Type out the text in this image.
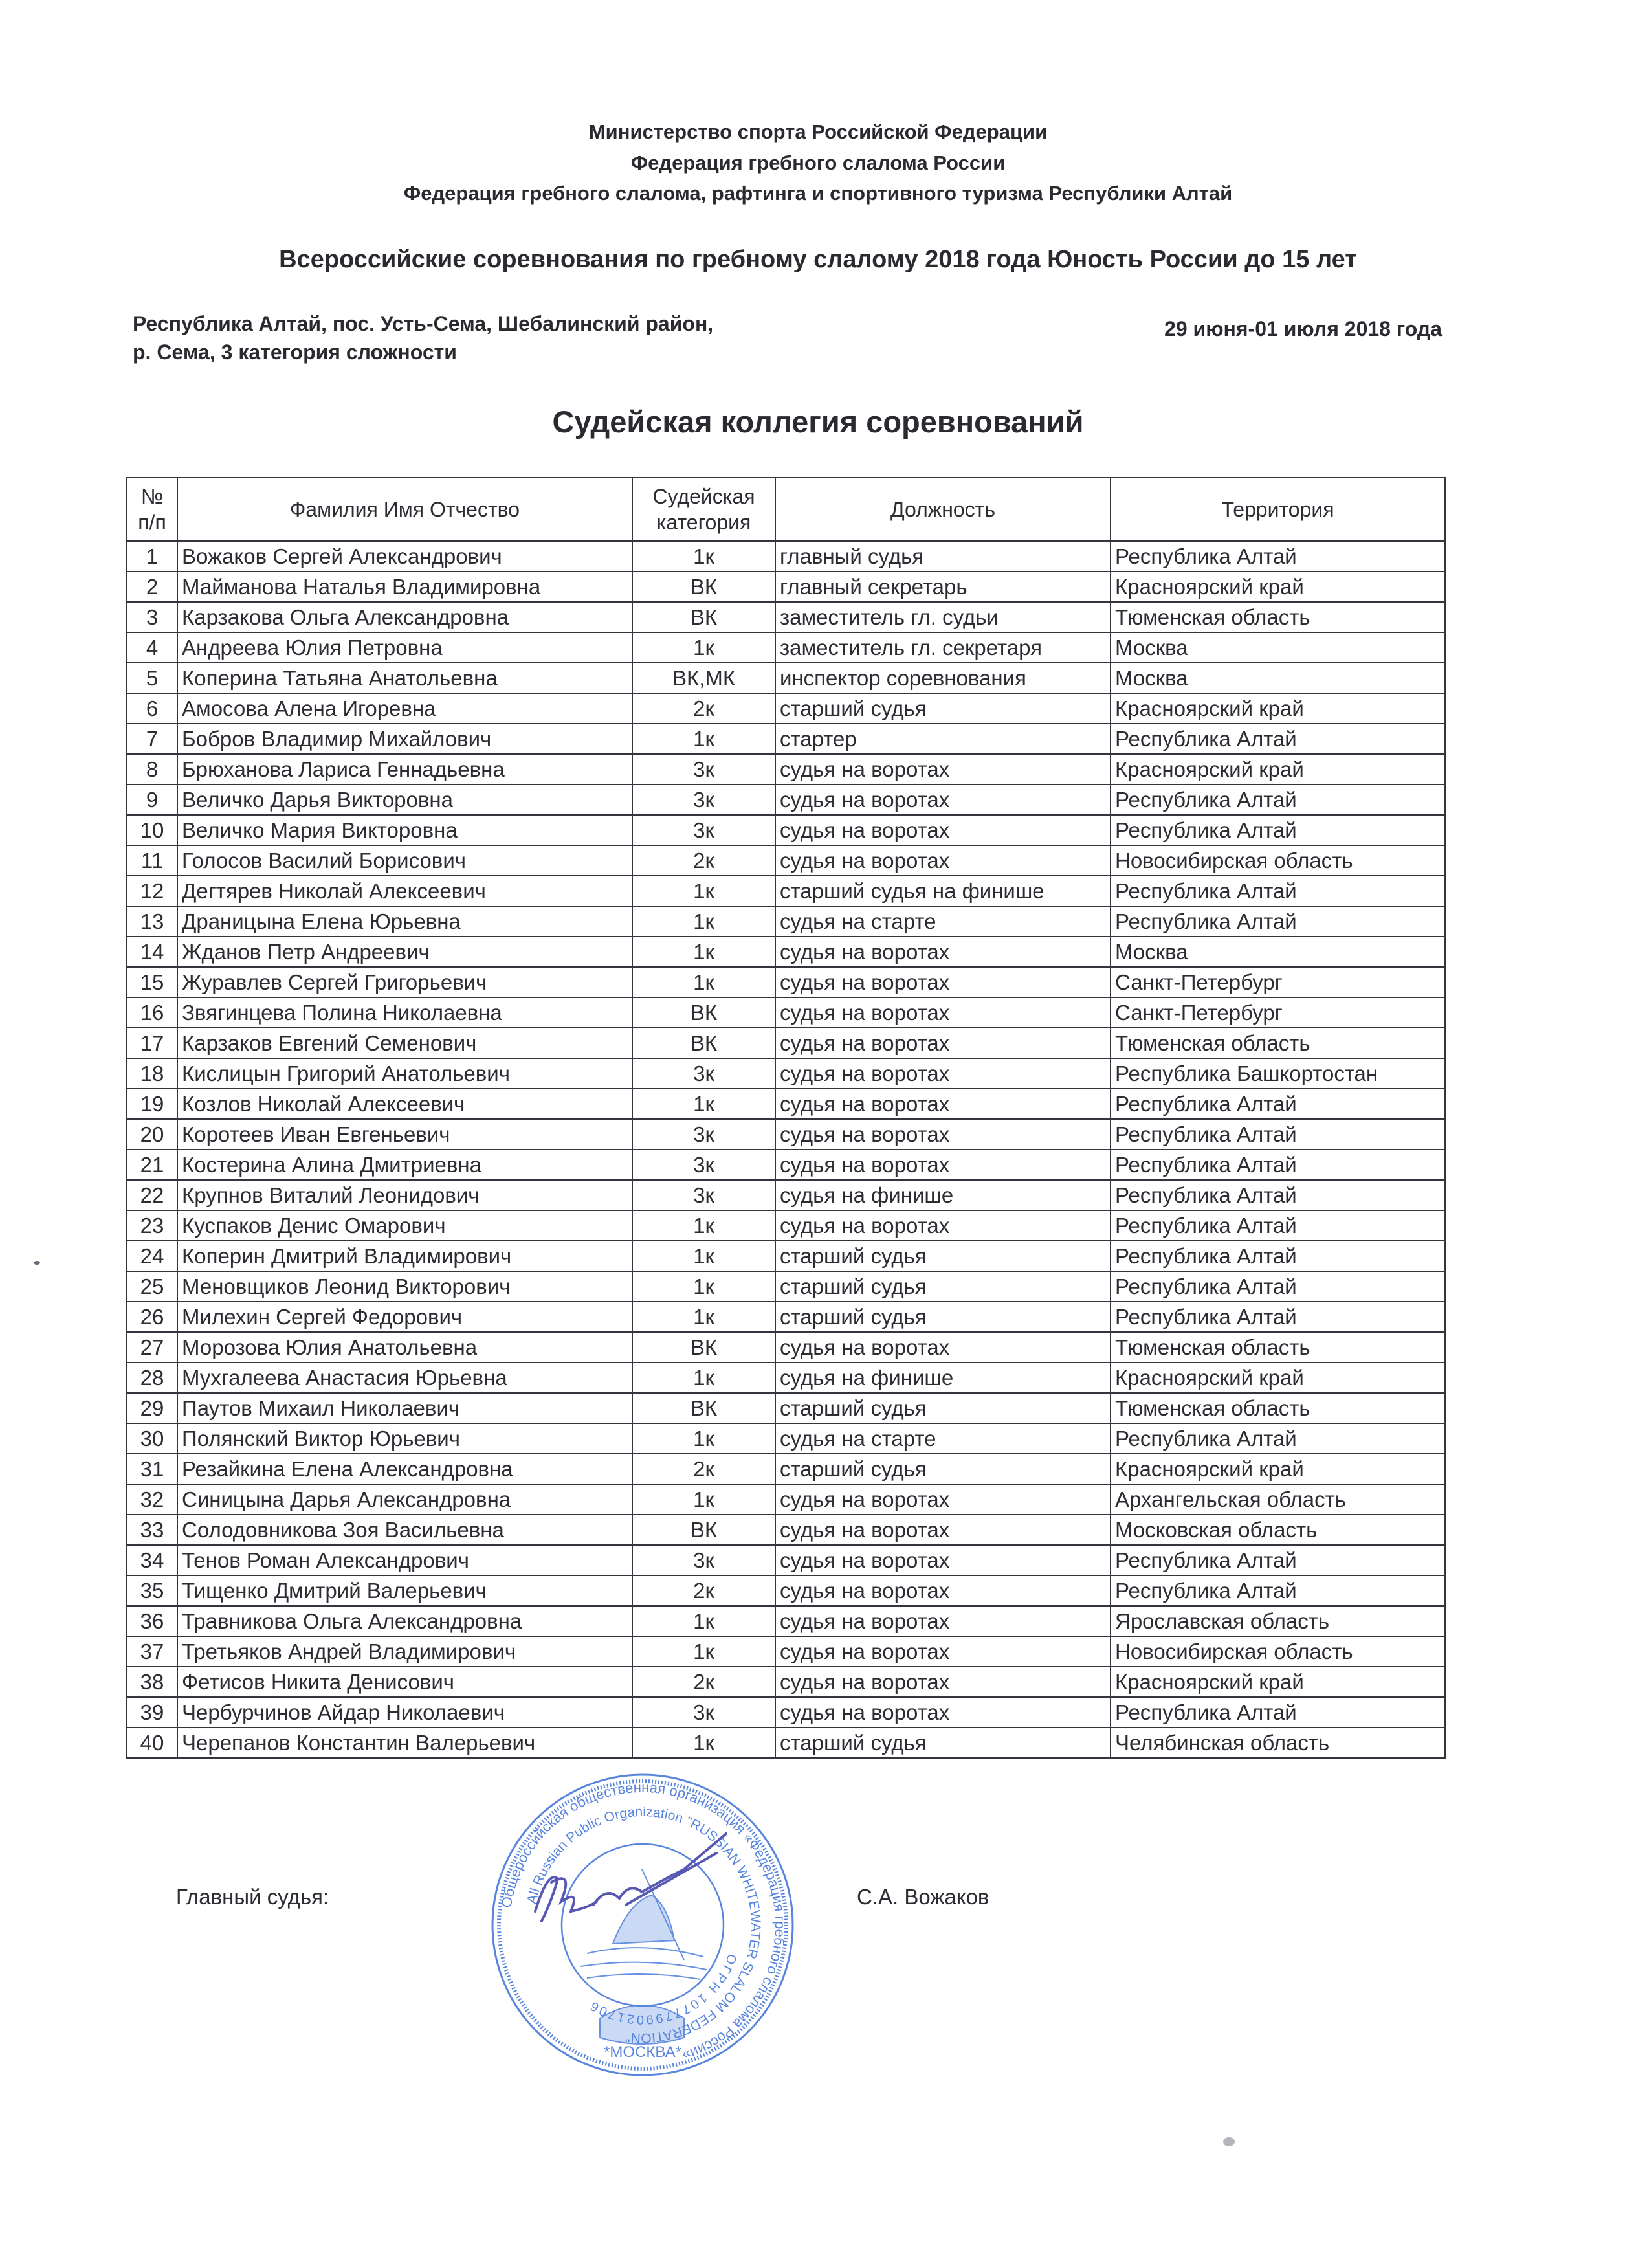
Министерство спорта Российской Федерации
Федерация гребного слалома России
Федерация гребного слалома, рафтинга и спортивного туризма Республики Алтай
Всероссийские соревнования по гребному слалому 2018 года Юность России до 15 лет
Республика Алтай, пос. Усть-Сема, Шебалинский район,
р. Сема, 3 категория сложности
29 июня-01 июля 2018 года
Судейская коллегия соревнований
№ п/п	Фамилия Имя Отчество	Судейская категория	Должность	Территория
1	Вожаков Сергей Александрович	1к	главный судья	Республика Алтай
2	Майманова Наталья Владимировна	ВК	главный секретарь	Красноярский край
3	Карзакова Ольга Александровна	ВК	заместитель гл. судьи	Тюменская область
4	Андреева Юлия Петровна	1к	заместитель гл. секретаря	Москва
5	Коперина Татьяна Анатольевна	ВК,МК	инспектор соревнования	Москва
6	Амосова Алена Игоревна	2к	старший судья	Красноярский край
7	Бобров Владимир Михайлович	1к	стартер	Республика Алтай
8	Брюханова Лариса Геннадьевна	3к	судья на воротах	Красноярский край
9	Величко Дарья Викторовна	3к	судья на воротах	Республика Алтай
10	Величко Мария Викторовна	3к	судья на воротах	Республика Алтай
11	Голосов Василий Борисович	2к	судья на воротах	Новосибирская область
12	Дегтярев Николай Алексеевич	1к	старший судья на финише	Республика Алтай
13	Драницына Елена Юрьевна	1к	судья на старте	Республика Алтай
14	Жданов Петр Андреевич	1к	судья на воротах	Москва
15	Журавлев Сергей Григорьевич	1к	судья на воротах	Санкт-Петербург
16	Звягинцева Полина Николаевна	ВК	судья на воротах	Санкт-Петербург
17	Карзаков Евгений Семенович	ВК	судья на воротах	Тюменская область
18	Кислицын Григорий Анатольевич	3к	судья на воротах	Республика Башкортостан
19	Козлов Николай Алексеевич	1к	судья на воротах	Республика Алтай
20	Коротеев Иван Евгеньевич	3к	судья на воротах	Республика Алтай
21	Костерина Алина Дмитриевна	3к	судья на воротах	Республика Алтай
22	Крупнов Виталий Леонидович	3к	судья на финише	Республика Алтай
23	Куспаков Денис Омарович	1к	судья на воротах	Республика Алтай
24	Коперин Дмитрий Владимирович	1к	старший судья	Республика Алтай
25	Меновщиков Леонид Викторович	1к	старший судья	Республика Алтай
26	Милехин Сергей Федорович	1к	старший судья	Республика Алтай
27	Морозова Юлия Анатольевна	ВК	судья на воротах	Тюменская область
28	Мухгалеева Анастасия Юрьевна	1к	судья на финише	Красноярский край
29	Паутов Михаил Николаевич	ВК	старший судья	Тюменская область
30	Полянский Виктор Юрьевич	1к	судья на старте	Республика Алтай
31	Резайкина Елена Александровна	2к	старший судья	Красноярский край
32	Синицына Дарья Александровна	1к	судья на воротах	Архангельская область
33	Солодовникова Зоя Васильевна	ВК	судья на воротах	Московская область
34	Тенов Роман Александрович	3к	судья на воротах	Республика Алтай
35	Тищенко Дмитрий Валерьевич	2к	судья на воротах	Республика Алтай
36	Травникова Ольга Александровна	1к	судья на воротах	Ярославская область
37	Третьяков Андрей Владимирович	1к	судья на воротах	Новосибирская область
38	Фетисов Никита Денисович	2к	судья на воротах	Красноярский край
39	Чербурчинов Айдар Николаевич	3к	судья на воротах	Республика Алтай
40	Черепанов Константин Валерьевич	1к	старший судья	Челябинская область
Главный судья:	С.А. Вожаков
Общероссийская общественная организация «Федерация гребного слалома России»
All Russian Public Organization "RUSSIAN WHITEWATER SLALOM FEDERATION"
ОГРН 1077799021706
*МОСКВА*
